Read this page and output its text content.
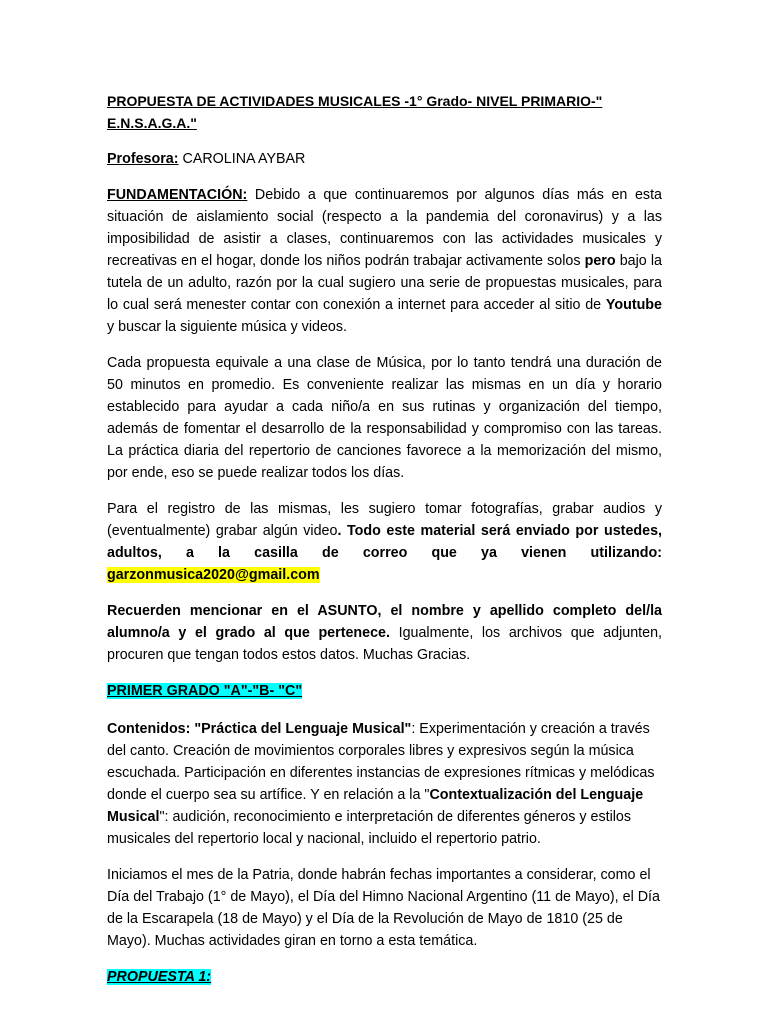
PROPUESTA DE ACTIVIDADES MUSICALES -1° Grado- NIVEL PRIMARIO-" E.N.S.A.G.A."

Profesora: CAROLINA AYBAR

FUNDAMENTACIÓN: Debido a que continuaremos por algunos días más en esta situación de aislamiento social (respecto a la pandemia del coronavirus) y a las imposibilidad de asistir a clases, continuaremos con las actividades musicales y recreativas en el hogar, donde los niños podrán trabajar activamente solos pero bajo la tutela de un adulto, razón por la cual sugiero una serie de propuestas musicales, para lo cual será menester contar con conexión a internet para acceder al sitio de Youtube y buscar la siguiente música y videos.

Cada propuesta equivale a una clase de Música, por lo tanto tendrá una duración de 50 minutos en promedio. Es conveniente realizar las mismas en un día y horario establecido para ayudar a cada niño/a en sus rutinas y organización del tiempo, además de fomentar el desarrollo de la responsabilidad y compromiso con las tareas. La práctica diaria del repertorio de canciones favorece a la memorización del mismo, por ende, eso se puede realizar todos los días.

Para el registro de las mismas, les sugiero tomar fotografías, grabar audios y (eventualmente) grabar algún video. Todo este material será enviado por ustedes, adultos, a la casilla de correo que ya vienen utilizando: garzonmusica2020@gmail.com

Recuerden mencionar en el ASUNTO, el nombre y apellido completo del/la alumno/a y el grado al que pertenece. Igualmente, los archivos que adjunten, procuren que tengan todos estos datos. Muchas Gracias.

PRIMER GRADO "A"-"B- "C"

Contenidos: "Práctica del Lenguaje Musical": Experimentación y creación a través del canto. Creación de movimientos corporales libres y expresivos según la música escuchada. Participación en diferentes instancias de expresiones rítmicas y melódicas donde el cuerpo sea su artífice. Y en relación a la "Contextualización del Lenguaje Musical": audición, reconocimiento e interpretación de diferentes géneros y estilos musicales del repertorio local y nacional, incluido el repertorio patrio.

Iniciamos el mes de la Patria, donde habrán fechas importantes a considerar, como el Día del Trabajo (1° de Mayo), el Día del Himno Nacional Argentino (11 de Mayo), el Día de la Escarapela (18 de Mayo) y el Día de la Revolución de Mayo de 1810 (25 de Mayo). Muchas actividades giran en torno a esta temática.

PROPUESTA 1:
